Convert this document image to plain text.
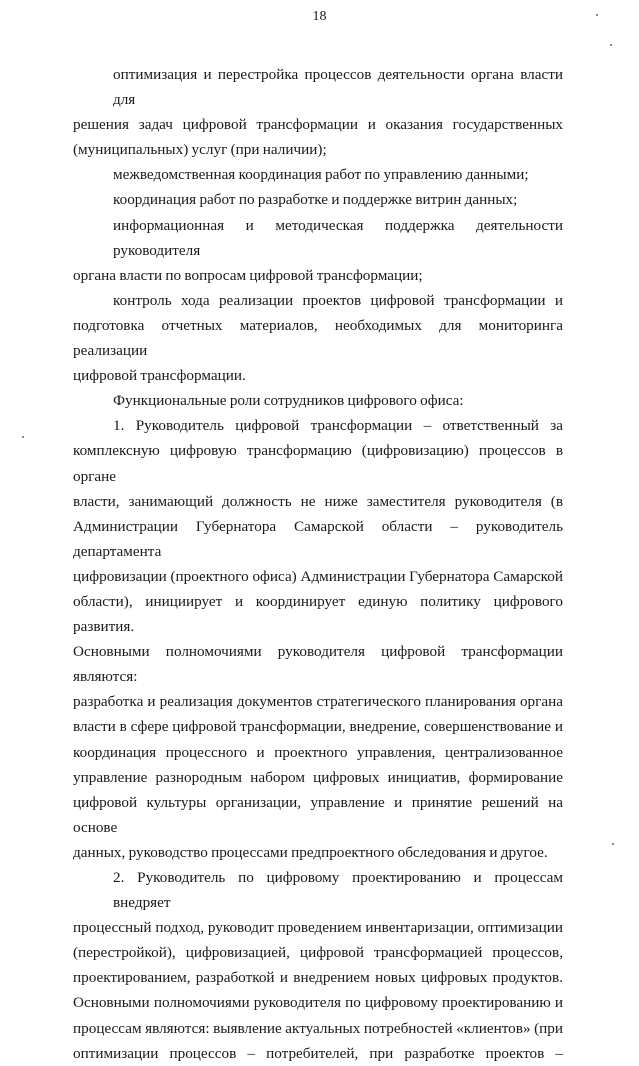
18
оптимизация и перестройка процессов деятельности органа власти для
решения задач цифровой трансформации и оказания государственных
(муниципальных) услуг (при наличии);
межведомственная координация работ по управлению данными;
координация работ по разработке и поддержке витрин данных;
информационная и методическая поддержка деятельности руководителя
органа власти по вопросам цифровой трансформации;
контроль хода реализации проектов цифровой трансформации и
подготовка отчетных материалов, необходимых для мониторинга реализации
цифровой трансформации.
Функциональные роли сотрудников цифрового офиса:
1. Руководитель цифровой трансформации – ответственный за
комплексную цифровую трансформацию (цифровизацию) процессов в органе
власти, занимающий должность не ниже заместителя руководителя (в
Администрации Губернатора Самарской области – руководитель департамента
цифровизации (проектного офиса) Администрации Губернатора Самарской
области), инициирует и координирует единую политику цифрового развития.
Основными полномочиями руководителя цифровой трансформации являются:
разработка и реализация документов стратегического планирования органа
власти в сфере цифровой трансформации, внедрение, совершенствование и
координация процессного и проектного управления, централизованное
управление разнородным набором цифровых инициатив, формирование
цифровой культуры организации, управление и принятие решений на основе
данных, руководство процессами предпроектного обследования и другое.
2. Руководитель по цифровому проектированию и процессам внедряет
процессный подход, руководит проведением инвентаризации, оптимизации
(перестройкой), цифровизацией, цифровой трансформацией процессов,
проектированием, разработкой и внедрением новых цифровых продуктов.
Основными полномочиями руководителя по цифровому проектированию и
процессам являются: выявление актуальных потребностей «клиентов» (при
оптимизации процессов – потребителей, при разработке проектов –
